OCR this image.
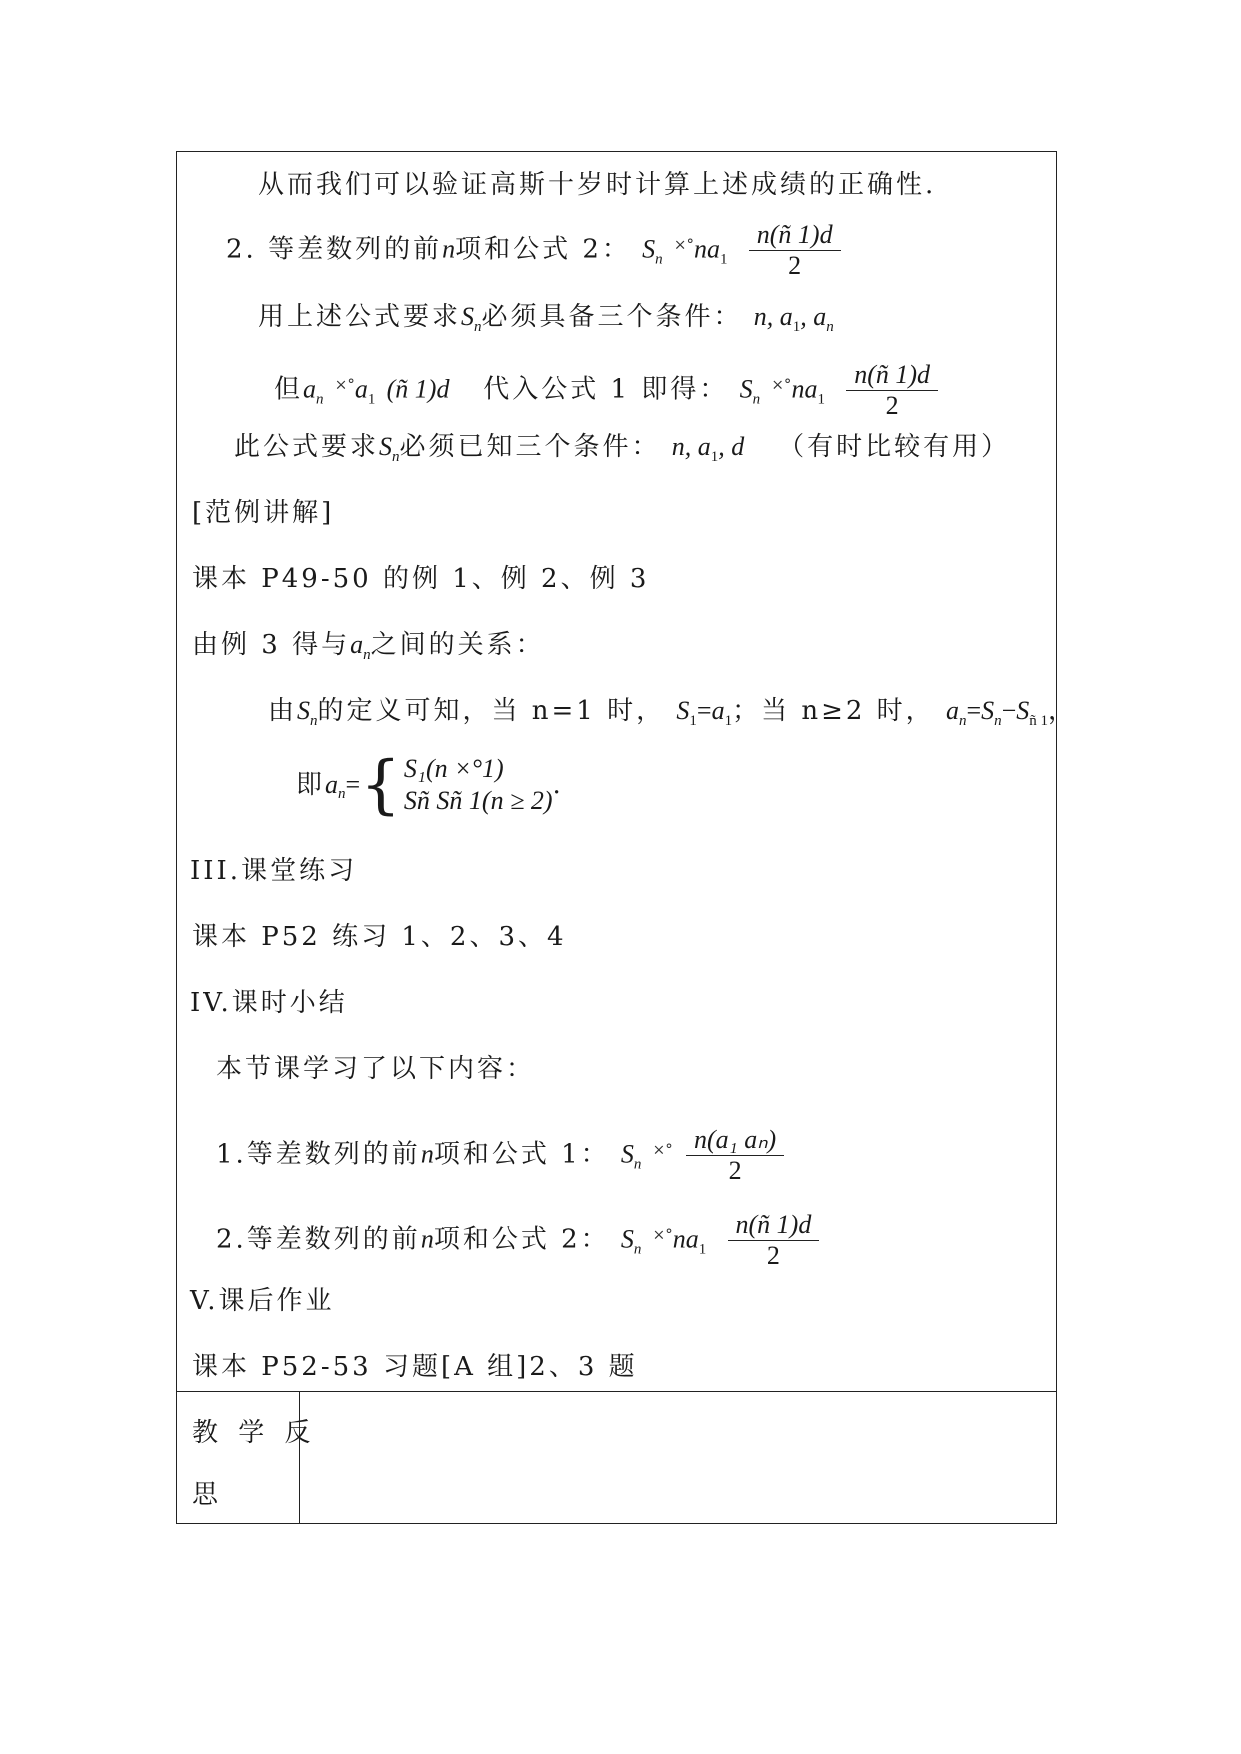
从而我们可以验证高斯十岁时计算上述成绩的正确性.
2. 等差数列的前n项和公式 2： $S_n$ $^{\times^\circ}na_1 \frac{n(ñ 1)d}{2}$
用上述公式要求$S_n$必须具备三个条件： n, $a_1$, $a_n$
但$a_n$ $^{\times^\circ}a_1$ (ñ 1)d 代入公式 1 即得： $S_n$ $^{\times^\circ}na_1 \frac{n(ñ 1)d}{2}$
此公式要求$S_n$必须已知三个条件： n, $a_1$, d （有时比较有用）
[范例讲解]
课本 P49-50 的例 1、例 2、例 3
由例 3 得与$a_n$之间的关系：
由$S_n$的定义可知，当 n=1 时， $S_1=a_1$；当 n≥2 时， $a_n=S_n-S_{ñ 1}$，
即$a_n=${ S₁(n ×°1)
Sñ Sñ 1(n ≥ 2)
.
III.课堂练习
课本 P52 练习 1、2、3、4
IV.课时小结
本节课学习了以下内容：
1.等差数列的前n项和公式 1： $S_n$ $^{\times^\circ} \frac{\text{n(a₁ aₙ)}}{2}$
2.等差数列的前n项和公式 2： $S_n$ $^{\times^\circ}na_1 \frac{n(ñ 1)d}{2}$
V.课后作业
课本 P52-53 习题[A 组]2、3 题
教 学 反
思
